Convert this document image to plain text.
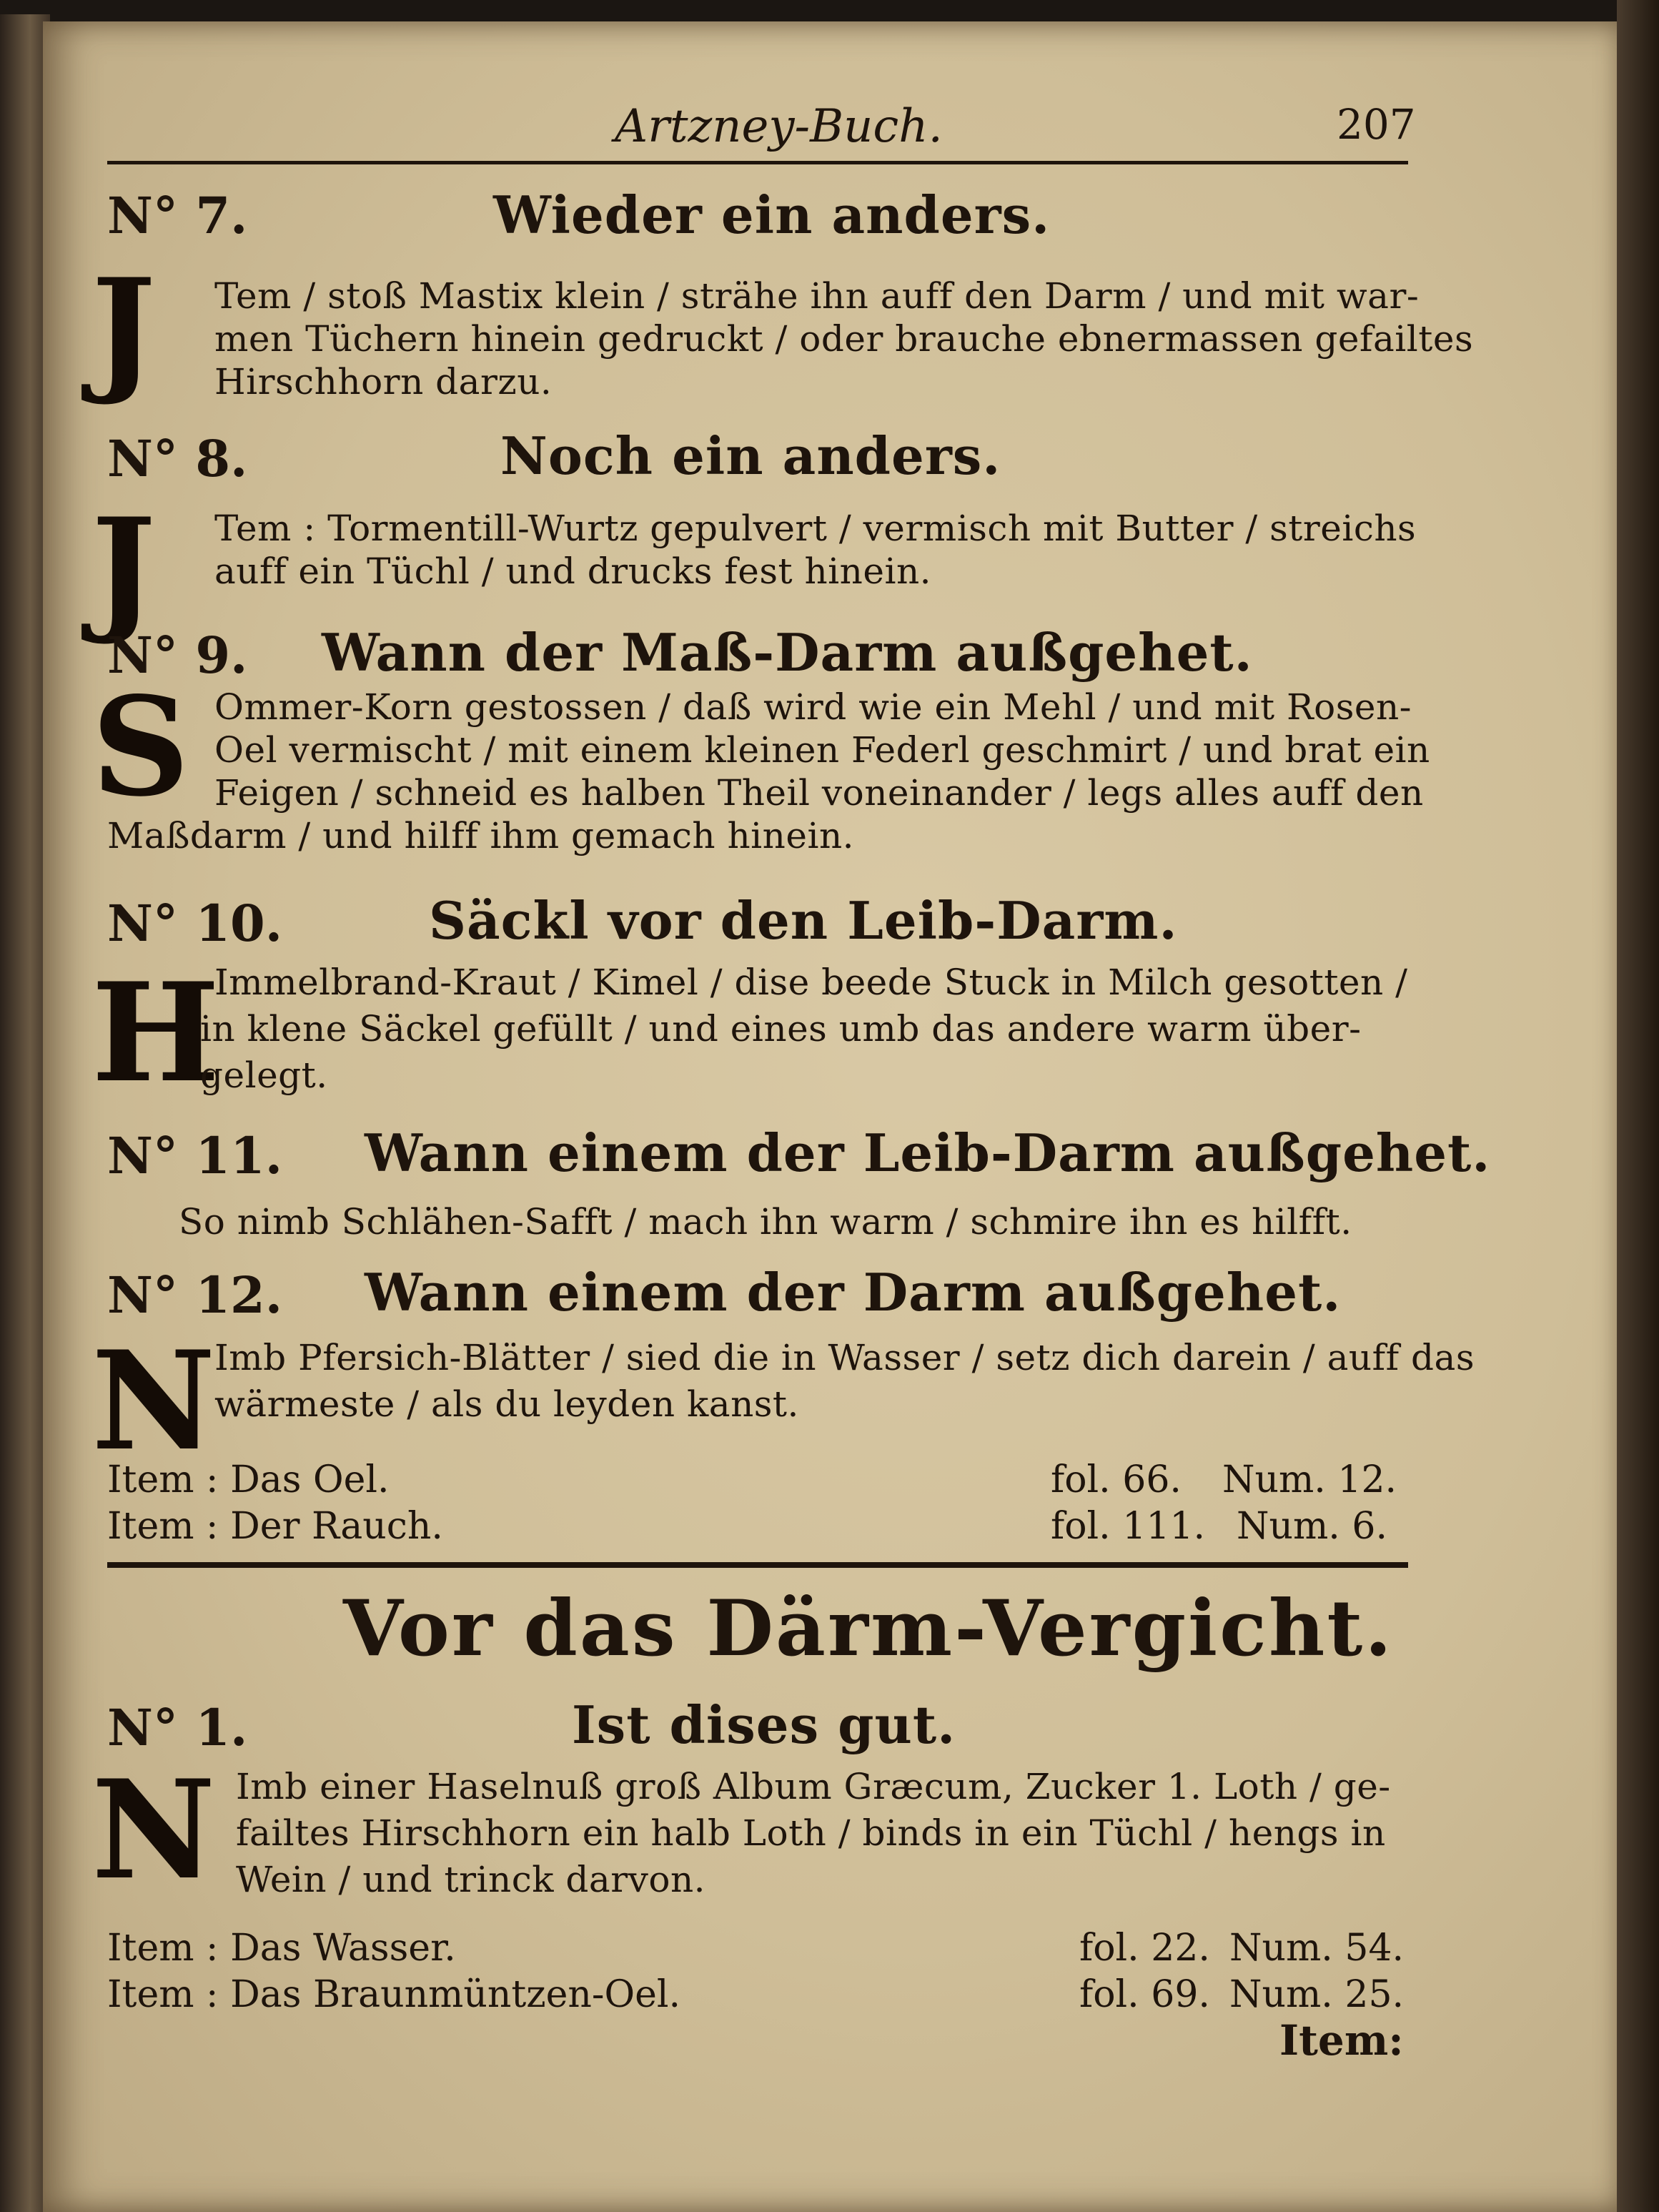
Artzney-Buch.	207
N° 7.	Wieder ein anders.
J Tem / stoß Mastix klein / strähe ihn auff den Darm / und mit war-
men Tüchern hinein gedruckt / oder brauche ebnermassen gefailtes
Hirschhorn darzu.
N° 8.	Noch ein anders.
J Tem : Tormentill-Wurtz gepulvert / vermisch mit Butter / streichs
auff ein Tüchl / und drucks fest hinein.
N° 9. Wann der Maß-Darm außgehet.
S Ommer-Korn gestossen / daß wird wie ein Mehl / und mit Rosen-
Oel vermischt / mit einem kleinen Federl geschmirt / und brat ein
Feigen / schneid es halben Theil voneinander / legs alles auff den
Maßdarm / und hilff ihm gemach hinein.
N° 10.	Säckl vor den Leib-Darm.
H
Immelbrand-Kraut / Kimel / dise beede Stuck in Milch gesotten /
in klene Säckel gefüllt / und eines umb das andere warm über-
gelegt.
N° 11. Wann einem der Leib-Darm außgehet.
So nimb Schlähen-Safft / mach ihn warm / schmire ihn es hilfft.
N° 12. Wann einem der Darm außgehet.
N
Imb Pfersich-Blätter / sied die in Wasser / setz dich darein / auff das
wärmeste / als du leyden kanst.
Item : Das Oel.	fol. 66. Num. 12.
Item : Der Rauch.	fol. 111. Num. 6.
Vor das Därm-Vergicht.
N° 1.	Ist dises gut.
N Imb einer Haselnuß groß Album Græcum, Zucker 1. Loth / ge-
failtes Hirschhorn ein halb Loth / binds in ein Tüchl / hengs in
Wein / und trinck darvon.
Item : Das Wasser.	fol. 22. Num. 54.
Item : Das Braunmüntzen-Oel.	fol. 69. Num. 25.
Item:
